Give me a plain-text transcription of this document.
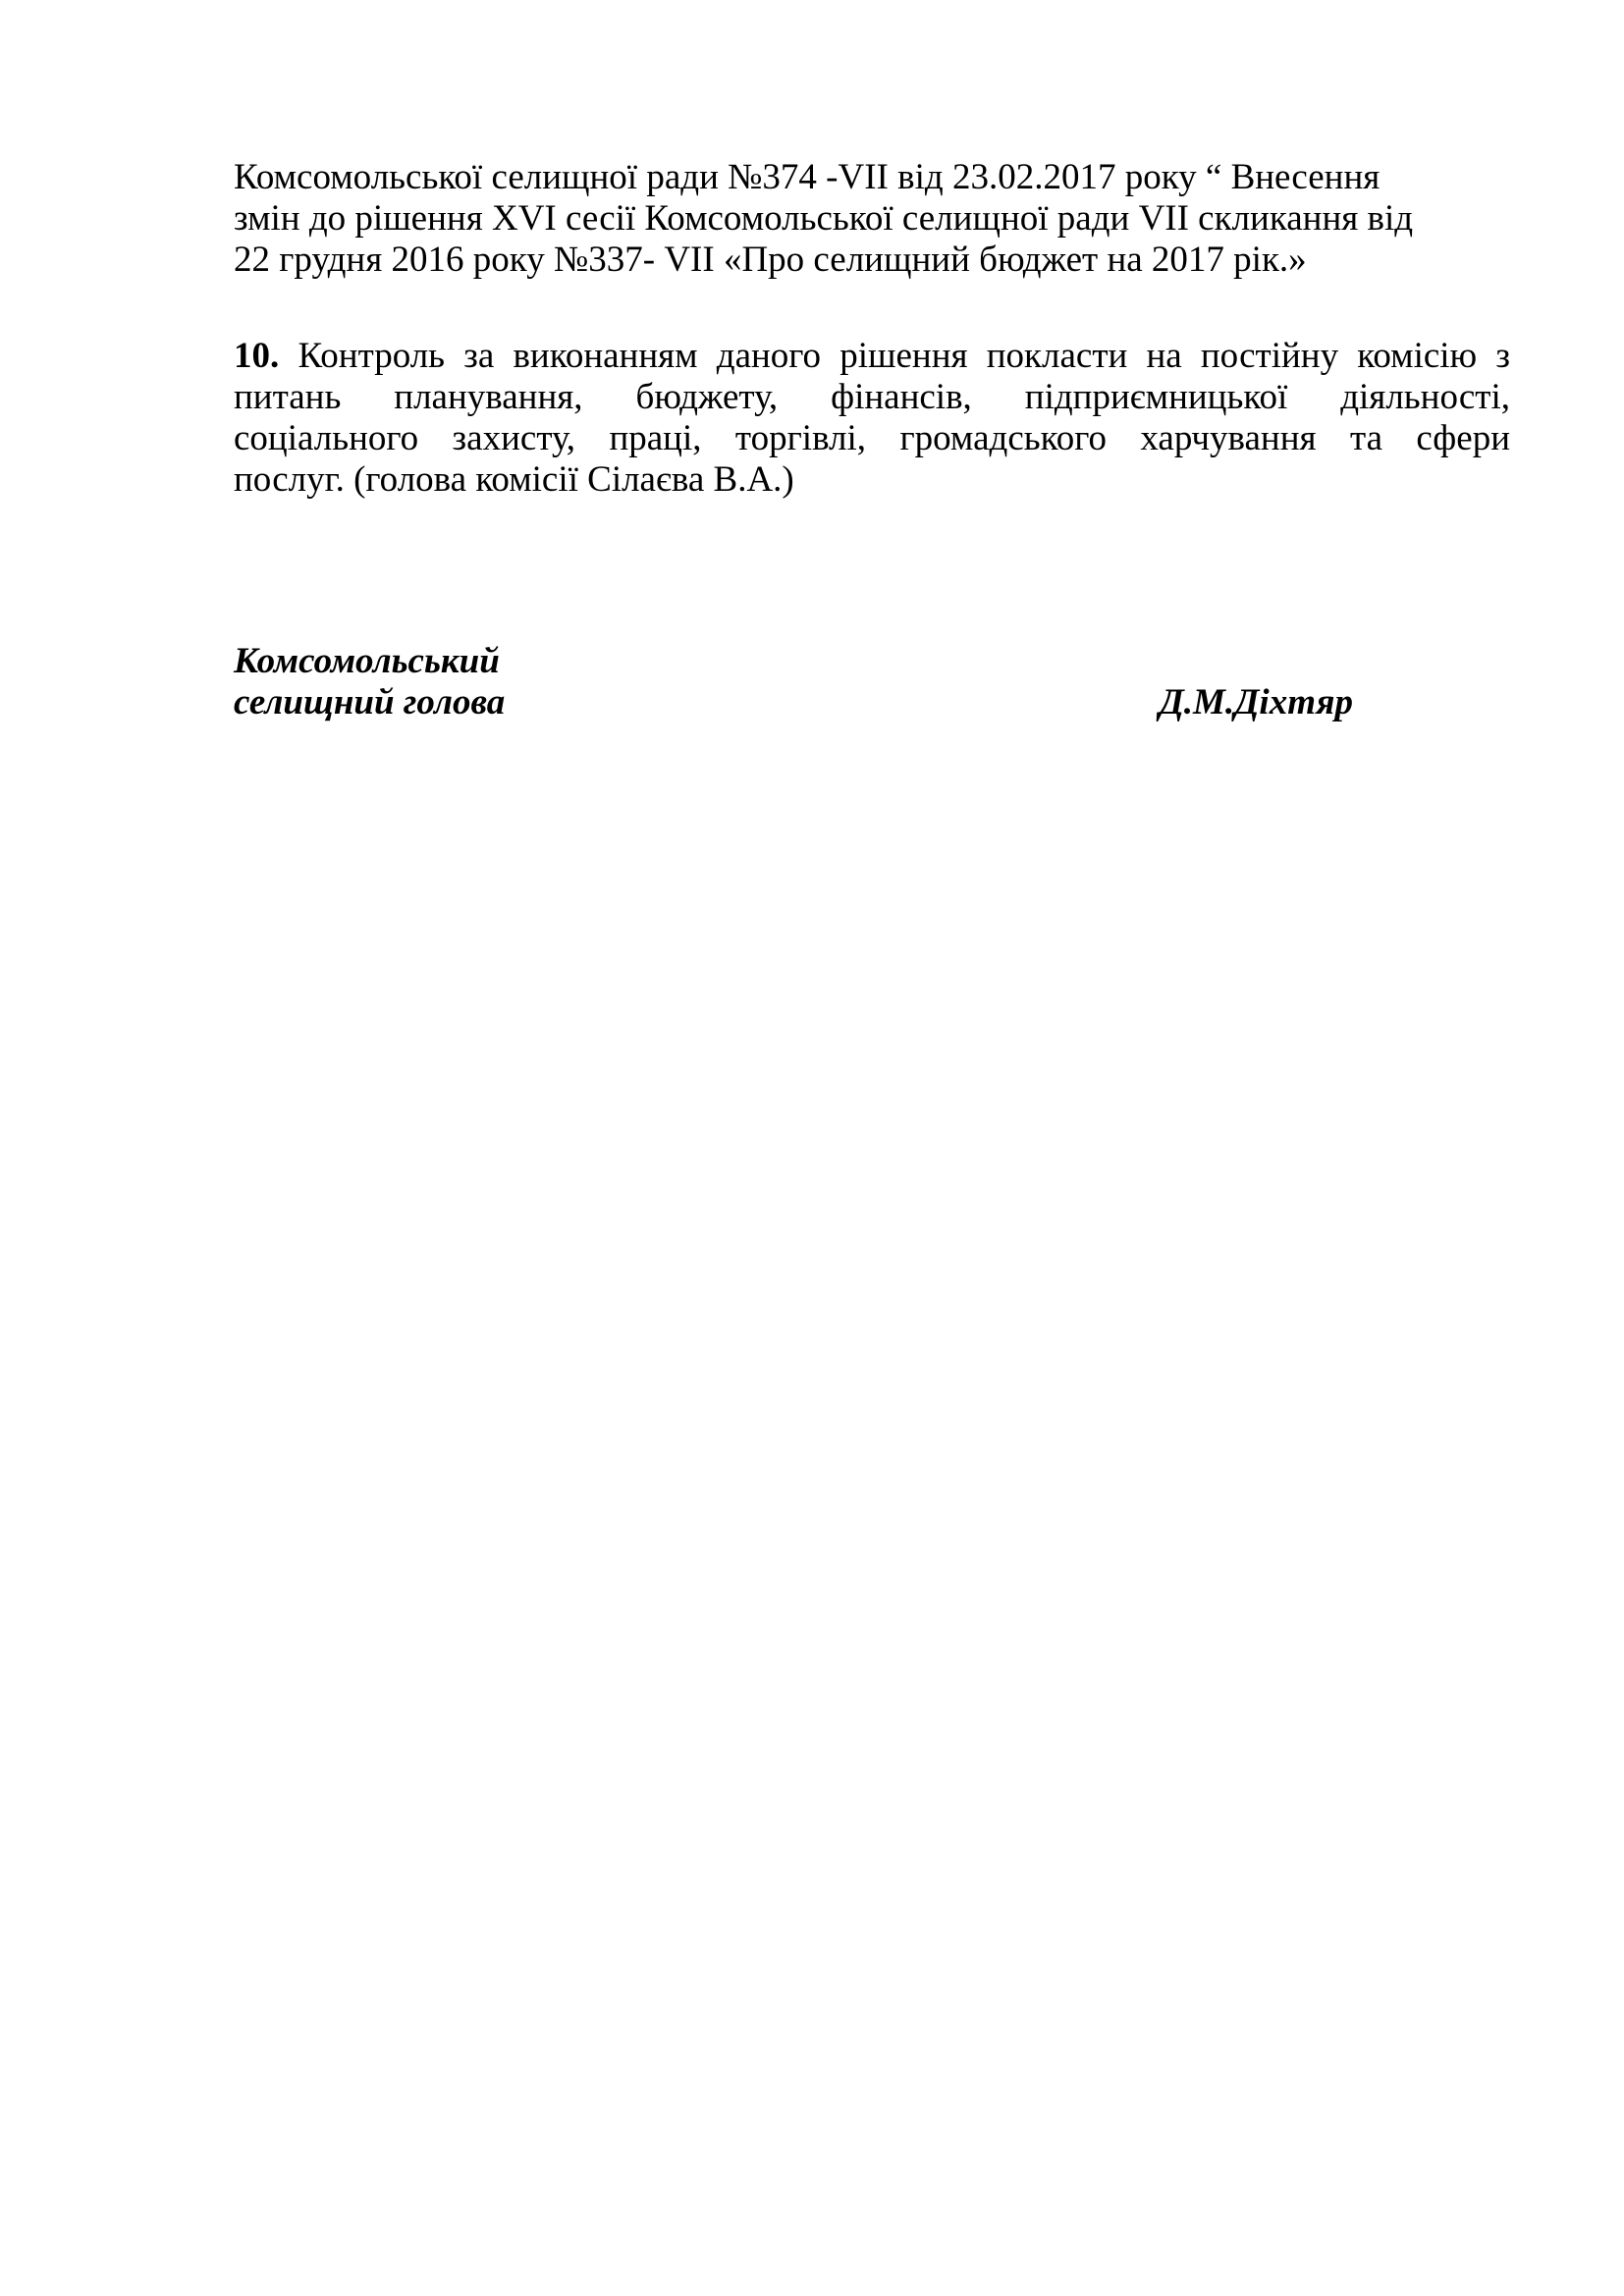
Комсомольської селищної ради №374 -VII від 23.02.2017 року “ Внесення
змін до рішення XVI сесії Комсомольської селищної ради VII скликання від
22 грудня 2016 року №337- VII «Про селищний бюджет на 2017 рік.»
10. Контроль за виконанням даного рішення покласти на постійну комісію з
питань планування, бюджету, фінансів, підприємницької діяльності,
соціального захисту, праці, торгівлі, громадського харчування та сфери
послуг. (голова комісії Сілаєва В.А.)
Комсомольський
селищний голова	Д.М.Діхтяр
